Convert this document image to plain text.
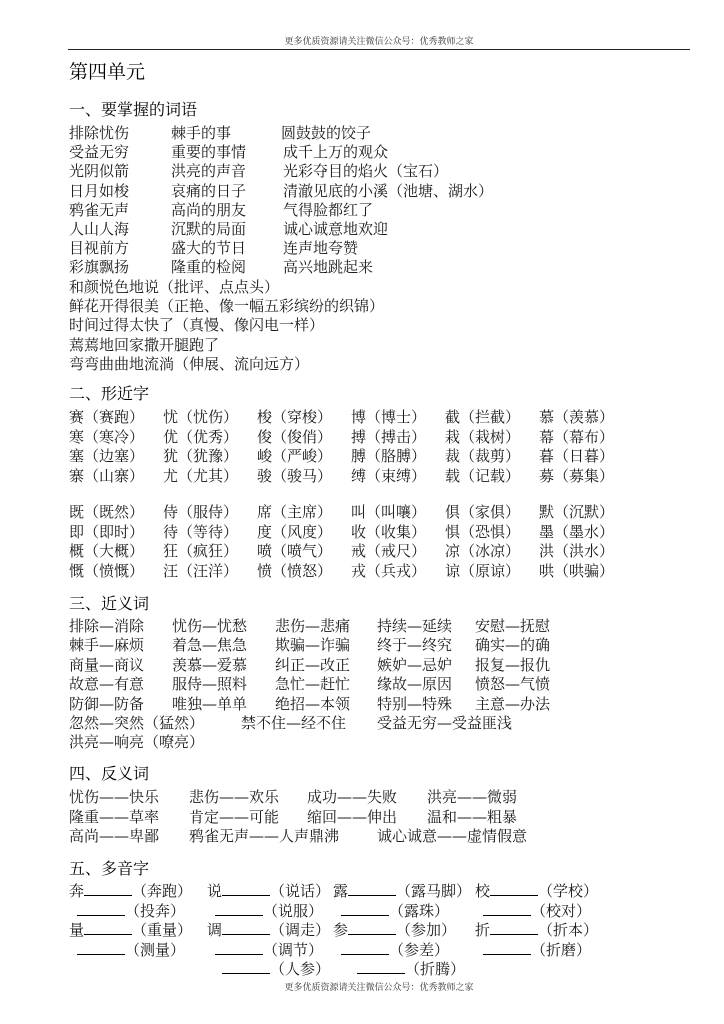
更多优质资源请关注微信公众号：优秀教师之家
第四单元
一、要掌握的词语
排除忧伤	棘手的事	圆鼓鼓的饺子
受益无穷	重要的事情 成千上万的观众
光阴似箭	洪亮的声音 光彩夺目的焰火（宝石）
日月如梭	哀痛的日子 清澈见底的小溪（池塘、湖水）
鸦雀无声	高尚的朋友 气得脸都红了
人山人海	沉默的局面 诚心诚意地欢迎
目视前方	盛大的节日 连声地夸赞
彩旗飘扬	隆重的检阅 高兴地跳起来
和颜悦色地说（批评、点点头）
鲜花开得很美（正艳、像一幅五彩缤纷的织锦）
时间过得太快了（真慢、像闪电一样）
蔫蔫地回家撒开腿跑了
弯弯曲曲地流淌（伸展、流向远方）
二、形近字
赛（赛跑） 忧（忧伤） 梭（穿梭） 博（博士） 截（拦截） 慕（羡慕）
寒（寒冷） 优（优秀） 俊（俊俏） 搏（搏击） 栽（栽树） 幕（幕布）
塞（边塞） 犹（犹豫） 峻（严峻） 膊（胳膊） 裁（裁剪） 暮（日暮）
寨（山寨） 尤（尤其） 骏（骏马） 缚（束缚） 载（记载） 募（募集）
既（既然） 侍（服侍） 席（主席） 叫（叫嚷） 俱（家俱） 默（沉默）
即（即时） 待（等待） 度（风度） 收（收集） 惧（恐惧） 墨（墨水）
概（大概） 狂（疯狂） 喷（喷气） 戒（戒尺） 凉（冰凉） 洪（洪水）
慨（愤慨） 汪（汪洋） 愤（愤怒） 戎（兵戎） 谅（原谅） 哄（哄骗）
三、近义词
排除—消除 忧伤—忧愁 悲伤—悲痛 持续—延续 安慰—抚慰
棘手—麻烦 着急—焦急 欺骗—诈骗 终于—终究 确实—的确
商量—商议 羡慕—爱慕 纠正—改正 嫉妒—忌妒 报复—报仇
故意—有意 服侍—照料 急忙—赶忙 缘故—原因 愤怒—气愤
防御—防备 唯独—单单 绝招—本领 特别—特殊 主意—办法
忽然—突然（猛然） 禁不住—经不住 受益无穷—受益匪浅
洪亮—响亮（嘹亮）
四、反义词
忧伤——快乐 悲伤——欢乐 成功——失败 洪亮——微弱
隆重——草率 肯定——可能 缩回——伸出 温和——粗暴
高尚——卑鄙 鸦雀无声——人声鼎沸	诚心诚意——虚情假意
五、多音字
奔	（奔跑） 说	（说话） 露	（露马脚） 校	（学校）
（投奔）	（说服）	（露珠）	（校对）
量	（重量） 调	（调走） 参	（参加） 折	（折本）
（测量）	（调节）	（参差）	（折磨）
（人参）	（折腾）
更多优质资源请关注微信公众号：优秀教师之家
